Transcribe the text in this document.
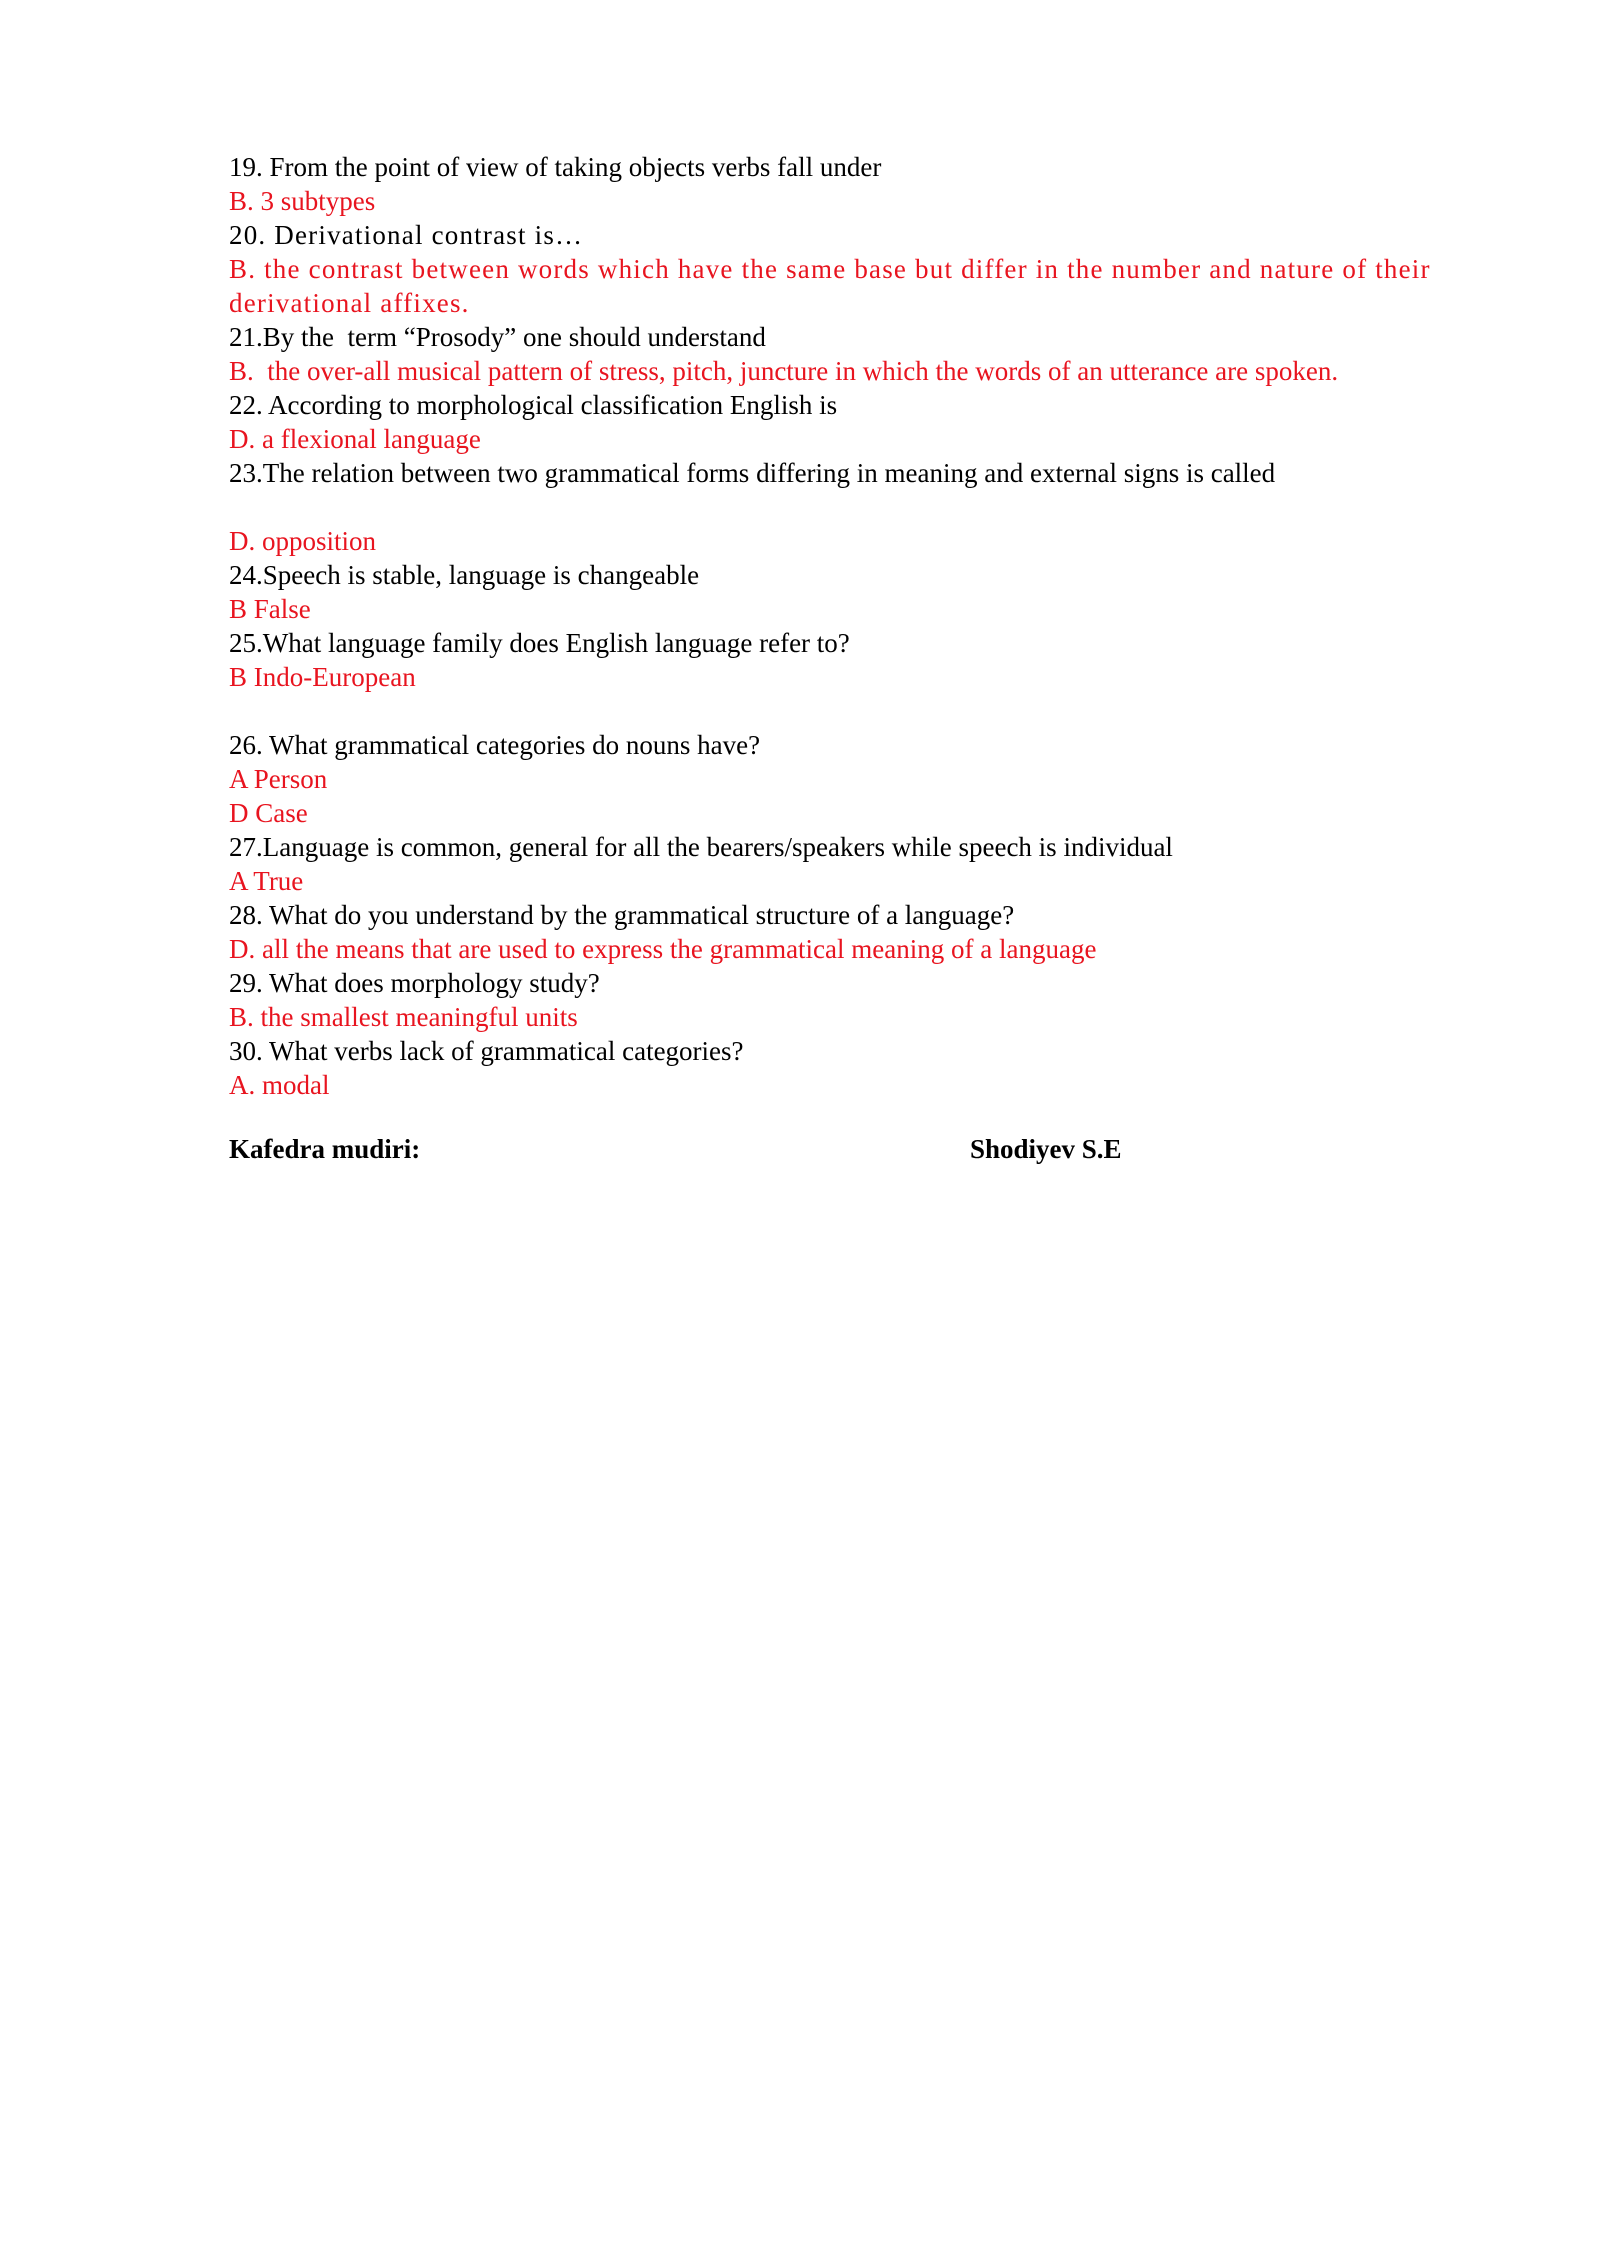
19. From the point of view of taking objects verbs fall under
B. 3 subtypes
20. Derivational contrast is…
B. the contrast between words which have the same base but differ in the number and nature of their derivational affixes.
21.By the  term “Prosody” one should understand
B.  the over-all musical pattern of stress, pitch, juncture in which the words of an utterance are spoken.
22. According to morphological classification English is
D. a flexional language
23.The relation between two grammatical forms differing in meaning and external signs is called
D. opposition
24.Speech is stable, language is changeable
B False
25.What language family does English language refer to?
B Indo-European
26. What grammatical categories do nouns have?
A Person
D Case
27.Language is common, general for all the bearers/speakers while speech is individual
A True
28. What do you understand by the grammatical structure of a language?
D. all the means that are used to express the grammatical meaning of a language
29. What does morphology study?
B. the smallest meaningful units
30. What verbs lack of grammatical categories?
A. modal
Kafedra mudiri:	Shodiyev S.E
